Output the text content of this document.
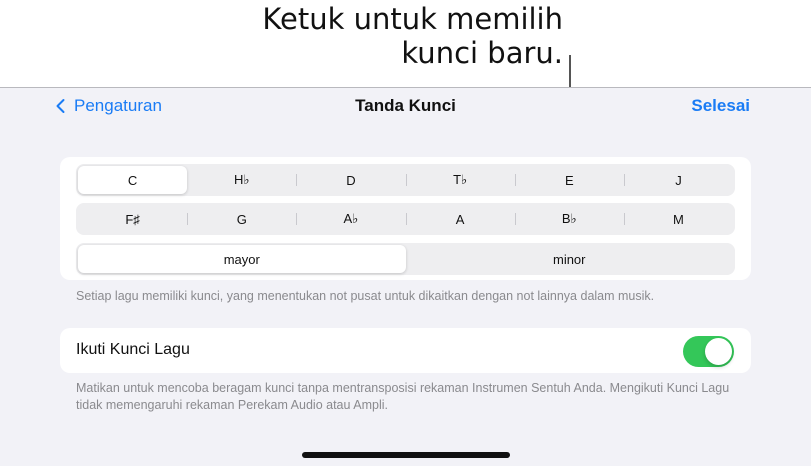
Ketuk untuk memilih
kunci baru.
Pengaturan	Tanda Kunci	Selesai
C	H♭	D	T♭	E	J
F♯	G	A♭	A	B♭	M
mayor	minor
Setiap lagu memiliki kunci, yang menentukan not pusat untuk dikaitkan dengan not lainnya dalam musik.
Ikuti Kunci Lagu
Matikan untuk mencoba beragam kunci tanpa mentransposisi rekaman Instrumen Sentuh Anda. Mengikuti Kunci Lagu tidak memengaruhi rekaman Perekam Audio atau Ampli.
